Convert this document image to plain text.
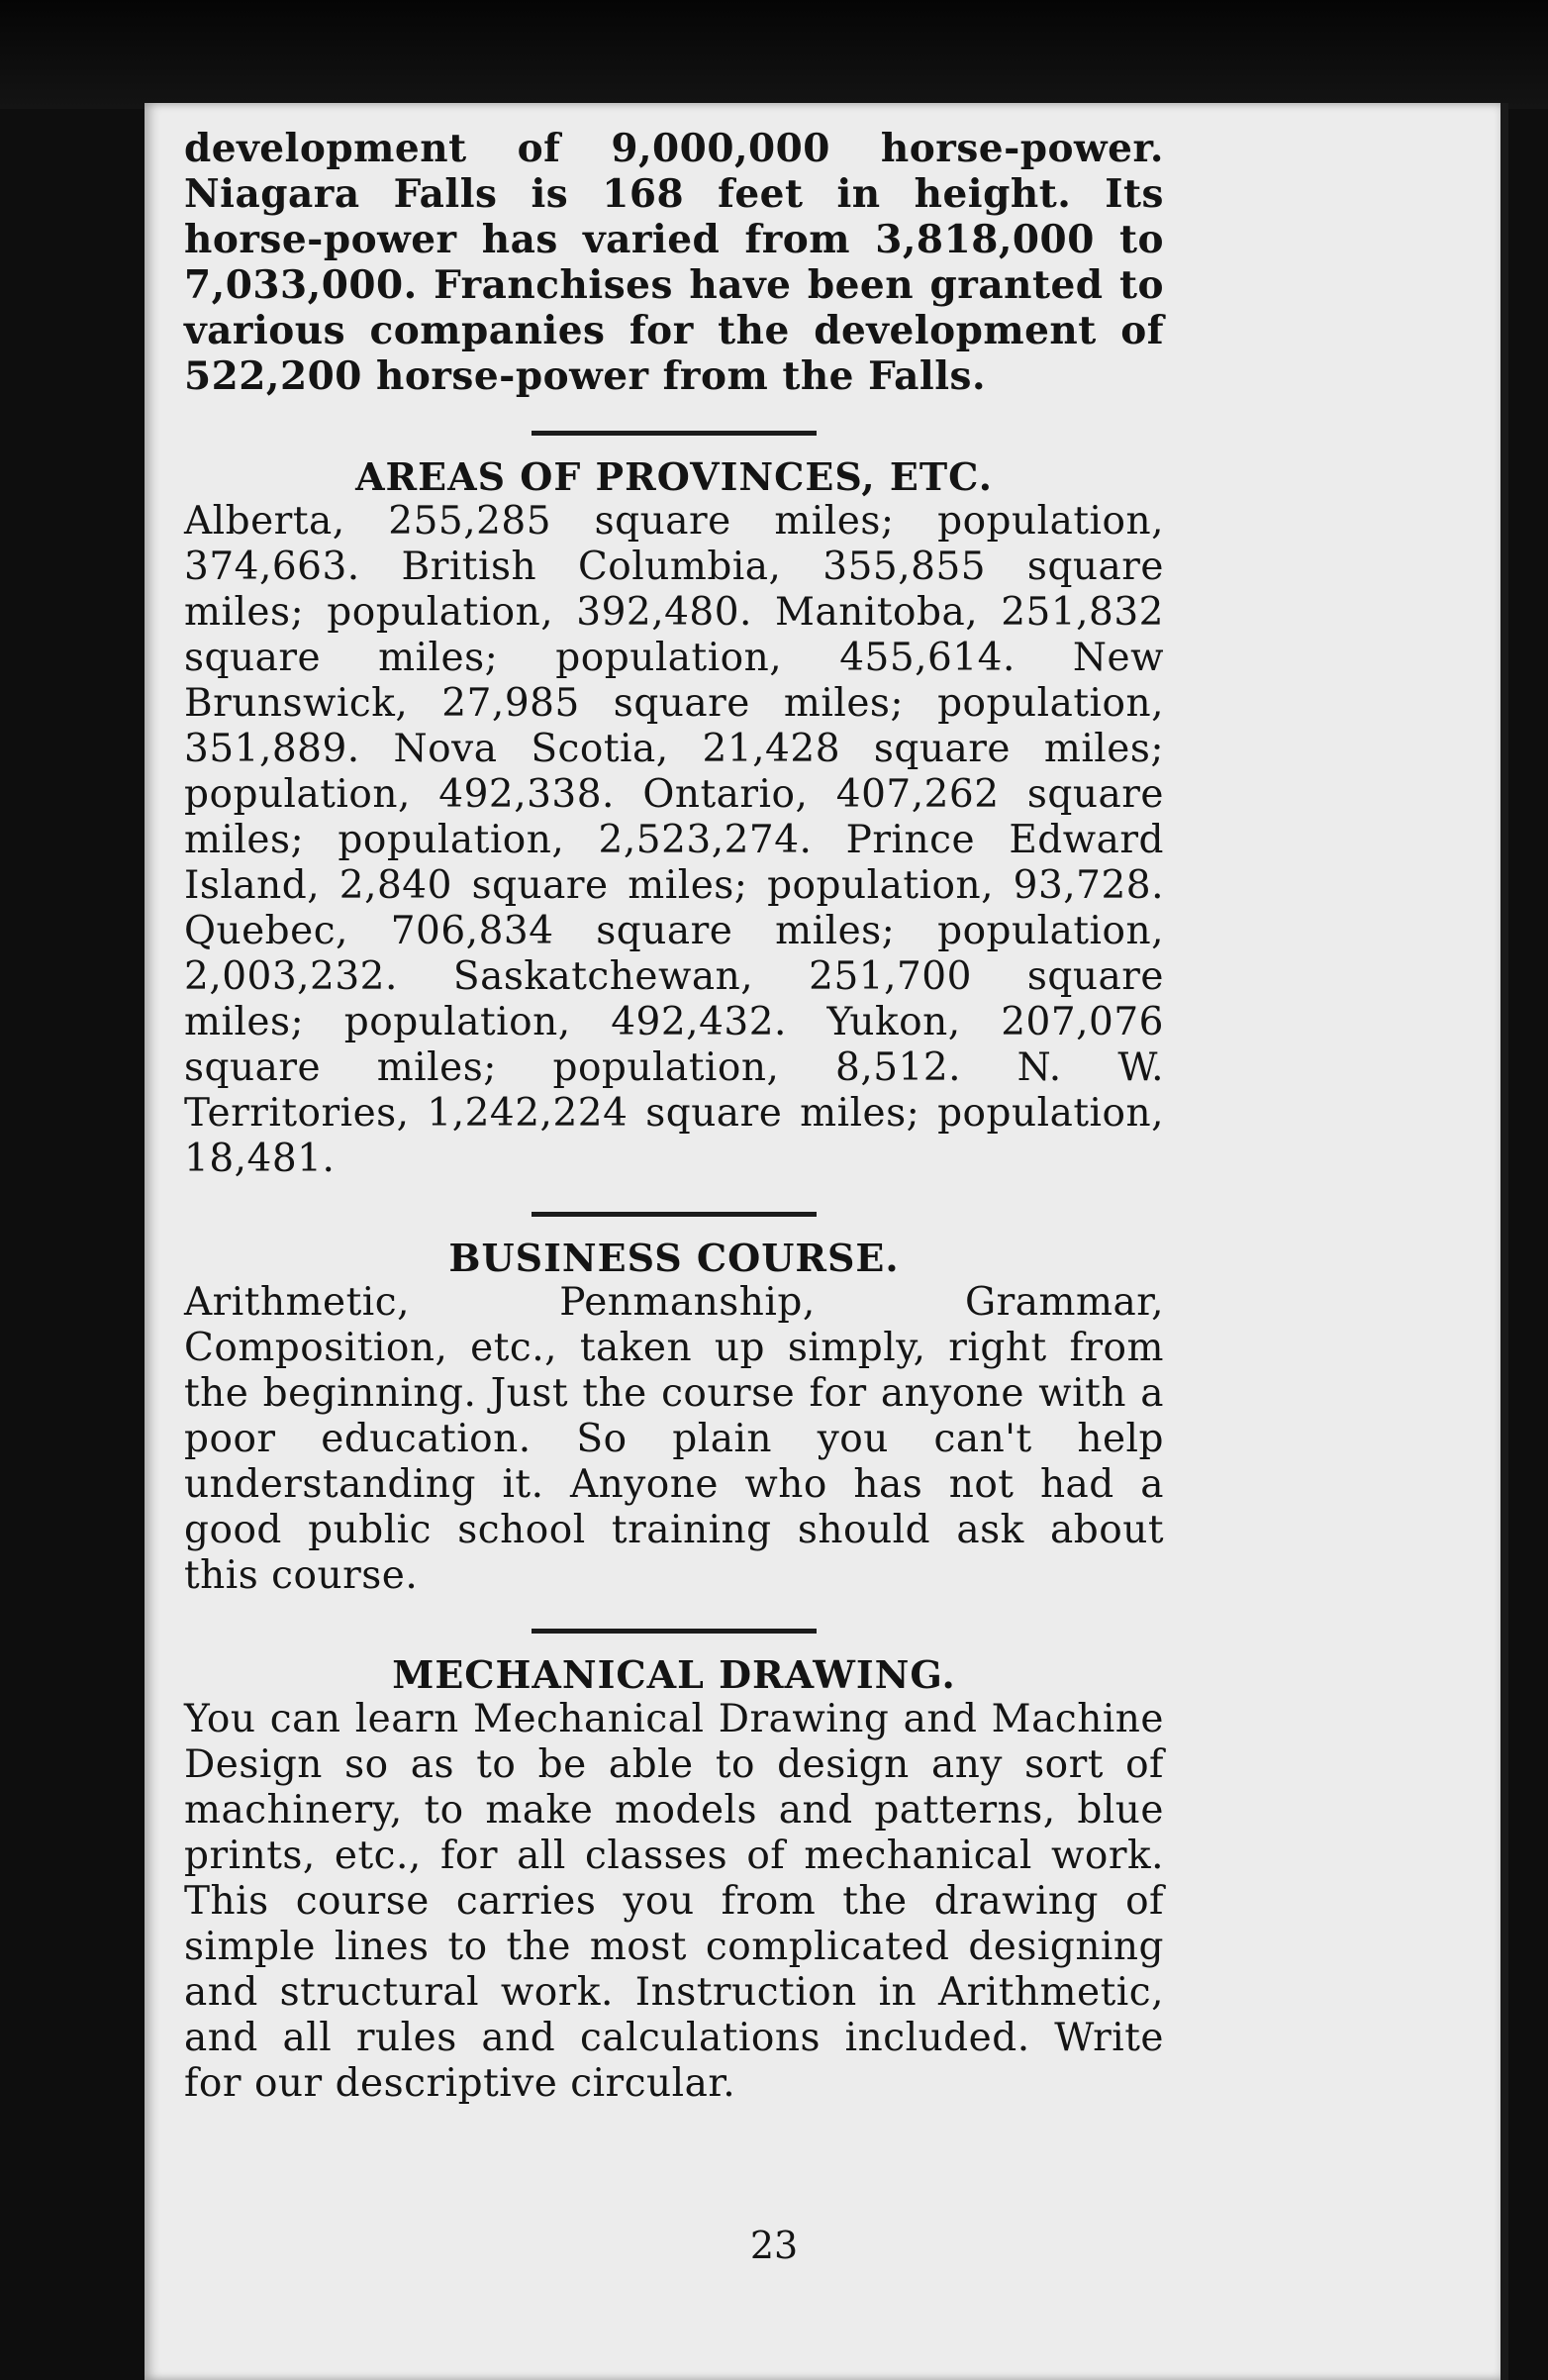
development of 9,000,000 horse-power. Niagara Falls is 168 feet in height. Its horse-power has varied from 3,818,000 to 7,033,000. Franchises have been granted to various companies for the development of 522,200 horse-power from the Falls.

AREAS OF PROVINCES, ETC.

Alberta, 255,285 square miles; population, 374,663. British Columbia, 355,855 square miles; population, 392,480. Manitoba, 251,832 square miles; population, 455,614. New Brunswick, 27,985 square miles; population, 351,889. Nova Scotia, 21,428 square miles; population, 492,338. Ontario, 407,262 square miles; population, 2,523,274. Prince Edward Island, 2,840 square miles; population, 93,728. Quebec, 706,834 square miles; population, 2,003,232. Saskatchewan, 251,700 square miles; population, 492,432. Yukon, 207,076 square miles; population, 8,512. N. W. Territories, 1,242,224 square miles; population, 18,481.

BUSINESS COURSE.

Arithmetic, Penmanship, Grammar, Composition, etc., taken up simply, right from the beginning. Just the course for anyone with a poor education. So plain you can't help understanding it. Anyone who has not had a good public school training should ask about this course.

MECHANICAL DRAWING.

You can learn Mechanical Drawing and Machine Design so as to be able to design any sort of machinery, to make models and patterns, blue prints, etc., for all classes of mechanical work. This course carries you from the drawing of simple lines to the most complicated designing and structural work. Instruction in Arithmetic, and all rules and calculations included. Write for our descriptive circular.

23
